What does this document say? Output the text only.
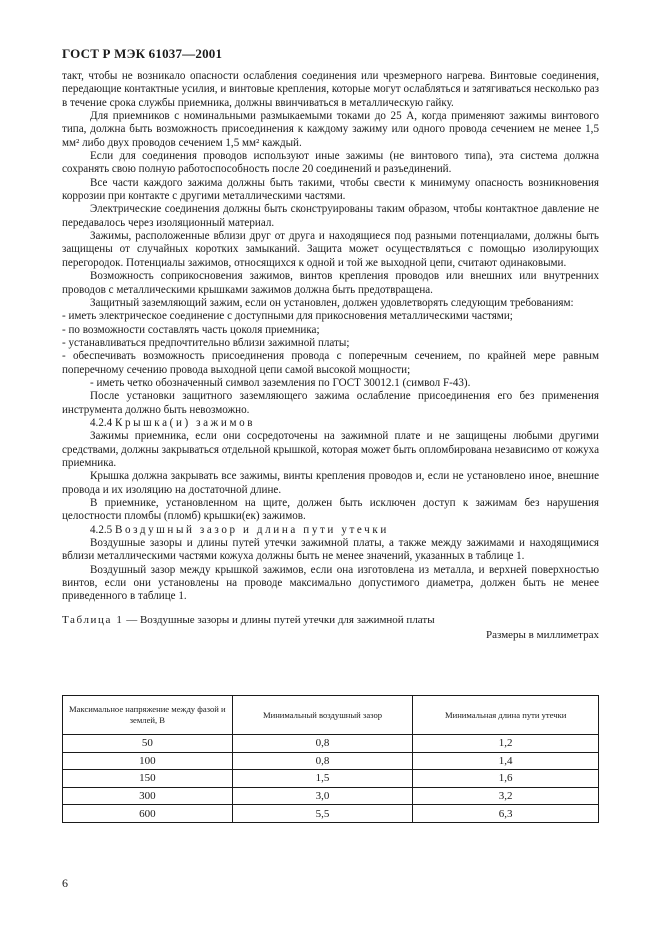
ГОСТ Р МЭК 61037—2001

такт, чтобы не возникало опасности ослабления соединения или чрезмерного нагрева. Винтовые соединения, передающие контактные усилия, и винтовые крепления, которые могут ослабляться и затягиваться несколько раз в течение срока службы приемника, должны ввинчиваться в металлическую гайку.

Для приемников с номинальными размыкаемыми токами до 25 А, когда применяют зажимы винтового типа, должна быть возможность присоединения к каждому зажиму или одного провода сечением не менее 1,5 мм² либо двух проводов сечением 1,5 мм² каждый.

Если для соединения проводов используют иные зажимы (не винтового типа), эта система должна сохранять свою полную работоспособность после 20 соединений и разъединений.

Все части каждого зажима должны быть такими, чтобы свести к минимуму опасность возникновения коррозии при контакте с другими металлическими частями.

Электрические соединения должны быть сконструированы таким образом, чтобы контактное давление не передавалось через изоляционный материал.

Зажимы, расположенные вблизи друг от друга и находящиеся под разными потенциалами, должны быть защищены от случайных коротких замыканий. Защита может осуществляться с помощью изолирующих перегородок. Потенциалы зажимов, относящихся к одной и той же выходной цепи, считают одинаковыми.

Возможность соприкосновения зажимов, винтов крепления проводов или внешних или внутренних проводов с металлическими крышками зажимов должна быть предотвращена.

Защитный заземляющий зажим, если он установлен, должен удовлетворять следующим требованиям:

- иметь электрическое соединение с доступными для прикосновения металлическими частями;

- по возможности составлять часть цоколя приемника;

- устанавливаться предпочтительно вблизи зажимной платы;

- обеспечивать возможность присоединения провода с поперечным сечением, по крайней мере равным поперечному сечению провода выходной цепи самой высокой мощности;

- иметь четко обозначенный символ заземления по ГОСТ 30012.1 (символ F-43).

После установки защитного заземляющего зажима ослабление присоединения его без применения инструмента должно быть невозможно.

4.2.4 Крышка(и) зажимов

Зажимы приемника, если они сосредоточены на зажимной плате и не защищены любыми другими средствами, должны закрываться отдельной крышкой, которая может быть опломбирована независимо от кожуха приемника.

Крышка должна закрывать все зажимы, винты крепления проводов и, если не установлено иное, внешние провода и их изоляцию на достаточной длине.

В приемнике, установленном на щите, должен быть исключен доступ к зажимам без нарушения целостности пломбы (пломб) крышки(ек) зажимов.

4.2.5 Воздушный зазор и длина пути утечки

Воздушные зазоры и длины путей утечки зажимной платы, а также между зажимами и находящимися вблизи металлическими частями кожуха должны быть не менее значений, указанных в таблице 1.

Воздушный зазор между крышкой зажимов, если она изготовлена из металла, и верхней поверхностью винтов, если они установлены на проводе максимально допустимого диаметра, должен быть не менее приведенного в таблице 1.

Таблица 1 — Воздушные зазоры и длины путей утечки для зажимной платы
Размеры в миллиметрах
Максимальное напряжение между фазой и землей, В	Минимальный воздушный зазор	Минимальная длина пути утечки
50	0,8	1,2
100	0,8	1,4
150	1,5	1,6
300	3,0	3,2
600	5,5	6,3
6
